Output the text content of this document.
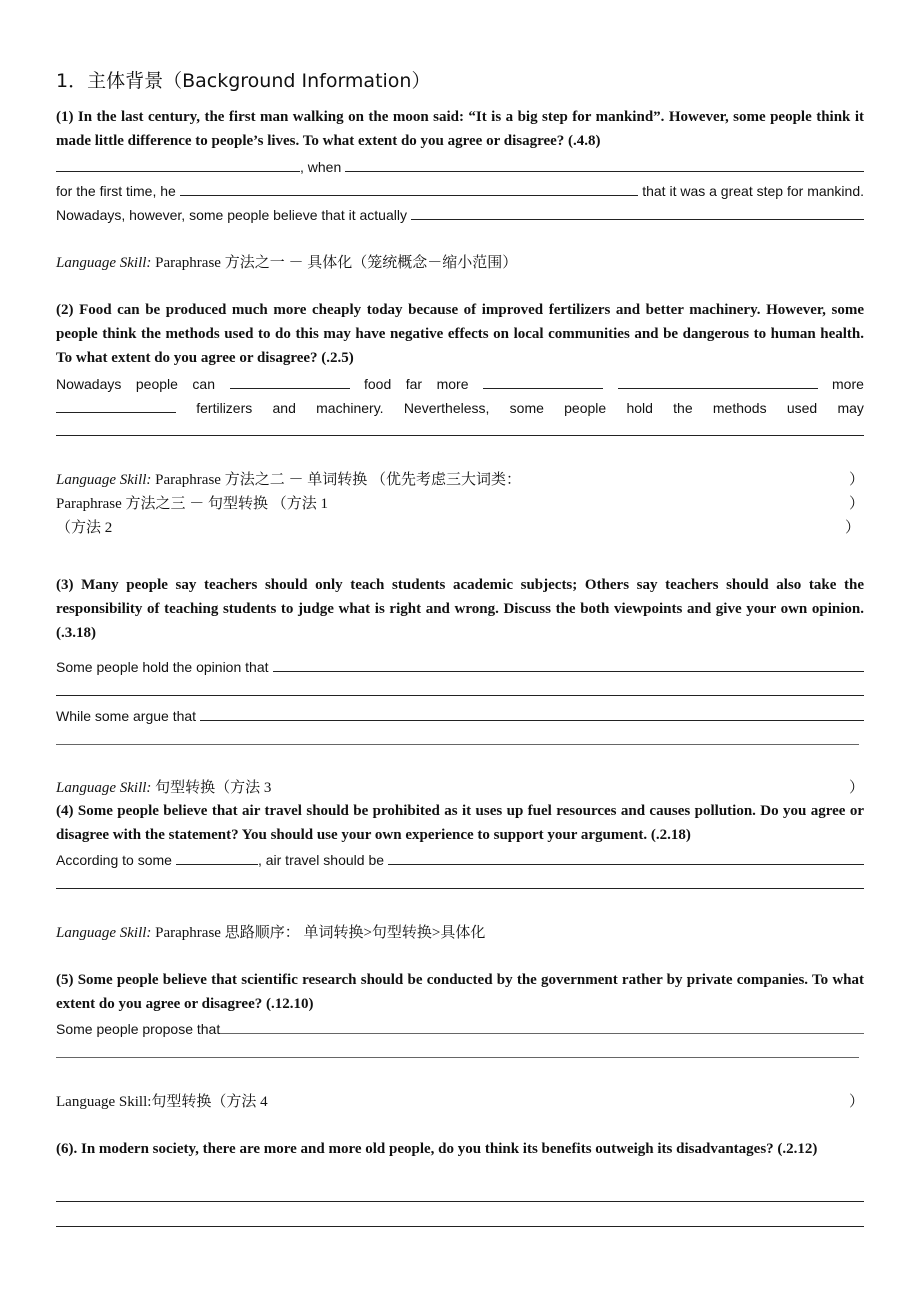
1．主体背景（Background Information）
(1) In the last century, the first man walking on the moon said: “It is a big step for mankind”. However, some people think it made little difference to people’s lives. To what extent do you agree or disagree? (.4.8)
, when
for the first time, he	that it was a great step for mankind.
Nowadays, however, some people believe that it actually
Language Skill: Paraphrase 方法之一 － 具体化（笼统概念－缩小范围）
(2) Food can be produced much more cheaply today because of improved fertilizers and better machinery. However, some people think the methods used to do this may have negative effects on local communities and be dangerous to human health. To what extent do you agree or disagree? (.2.5)
Nowadays people can	food far more	more
fertilizers and machinery. Nevertheless, some people hold the methods used may
Language Skill: Paraphrase 方法之二 － 单词转换 （优先考虑三大词类：	）
Paraphrase 方法之三 － 句型转换 （方法 1	）
（方法 2	）
(3) Many people say teachers should only teach students academic subjects; Others say teachers should also take the responsibility of teaching students to judge what is right and wrong. Discuss the both viewpoints and give your own opinion. (.3.18)
Some people hold the opinion that
While some argue that
Language Skill: 句型转换（方法 3	）
(4) Some people believe that air travel should be prohibited as it uses up fuel resources and causes pollution. Do you agree or disagree with the statement? You should use your own experience to support your argument. (.2.18)
According to some	, air travel should be
Language Skill: Paraphrase 思路顺序： 单词转换>句型转换>具体化
(5) Some people believe that scientific research should be conducted by the government rather by private companies. To what extent do you agree or disagree? (.12.10)
Some people propose that
Language Skill:句型转换（方法 4	）
(6). In modern society, there are more and more old people, do you think its benefits outweigh its disadvantages? (.2.12)
